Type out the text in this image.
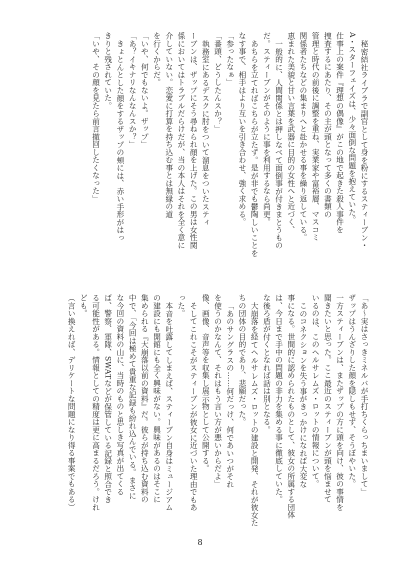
秘密結社ライブラで副官として身を粉にするスティーブン・

A・スターフェイズは、少々面倒な問題を抱えていた。

仕事上の案件『理想の偶像』がこの地で起きた殺人事件を

捜査するにあたり、その主が頭となって多くの書類の

管理と時代の前後に調整を重ね、実業家や富裕層、マスコミ

関係者たちなどの集まりへと赴かせる事を繰り返している。

恵まれた美貌と甘い言葉を武器に目的の女性へと近づく、

一般的に、人間関係とは押しなべて面倒事が付きまとうもの

だ。スティーブンがそのように事を利用するなら尚更。

あちらを立てればこちらが立たず。是が非でも鬱陶しいことを

なす事で、相手はより互いを引き合わせ、強く求める。

「参ったなぁ」

「番頭、どうしたんスか？」

執務室にあるデスクに肘をついて溜息をついたスティ

ーブンは、ザップにそう尋ねられ顔を上げた。この男は女性関

係においてはトラブルだらけだが、当の本人はそれを全く意に

介していない。恋愛に打算を持ち込む事とは無縁の道

を行くからだ。

「いや、何でもないよ。ザップ」

「あ？イキナリなんなんスか？」

きょとんとした顔をするザップの頬には、赤い手形がはっ

きりと残されていた。

「いや、その顔を見たら前言撤回したくなった」

「あ〜実はさっきミネルバが手打ちくらっちまいまして」

ザップはうんざりした顔を隠しもせず、そうぼやいた。

一方スティーブンは、またザップの方に頭を向け、彼の事情を

聞きたいと思った。ここ最近のスティーブンが頭を悩ませて

いるのは、このヘルサレムズ・ロットの情報について。

このコネクションを失う事がきっかけになれば大変な

事になる。世間的に認められたものとして、彼女の所属する団体

は、今日まで手中の問題の非力を集める事に徹底していた。

な後ろ盾が付くとなれば話は別となる。

大崩落を経てヘルサレムズ・ロットの建設と開発、それが彼女た

ちの団体の目的であり、悲願だった。

「あのサングラスの……何だっけ、何であいつがそれ

を使うのかなんて、それはもう言い方が悪いからだよ」

像、画像、音声等を収集し展示物として公開する。

そしてこれこそがスティーブンが彼女に近づいた理由でもあ

った。

本音を吐露してしまえば、スティーブン自身はミュージアム

の建設にも開館にも全く興味がない。興味があるのはそこに

集められる『大崩落以前の資料』だ。彼らが持ち込む資料の

中で、「今回は極めて貴重な記録も紛れ込んでいる。まさに

な今回の資料の山に、当時のものと思しき写真が出てくる

ば、警察、軍隊、SWATなどが保管している記録と照合でき

る可能性がある。情報としての精度は更に高まるだろう。けれ

ども。

（言い換えれば、デリケートな問題になり得る事案でもある）

8
